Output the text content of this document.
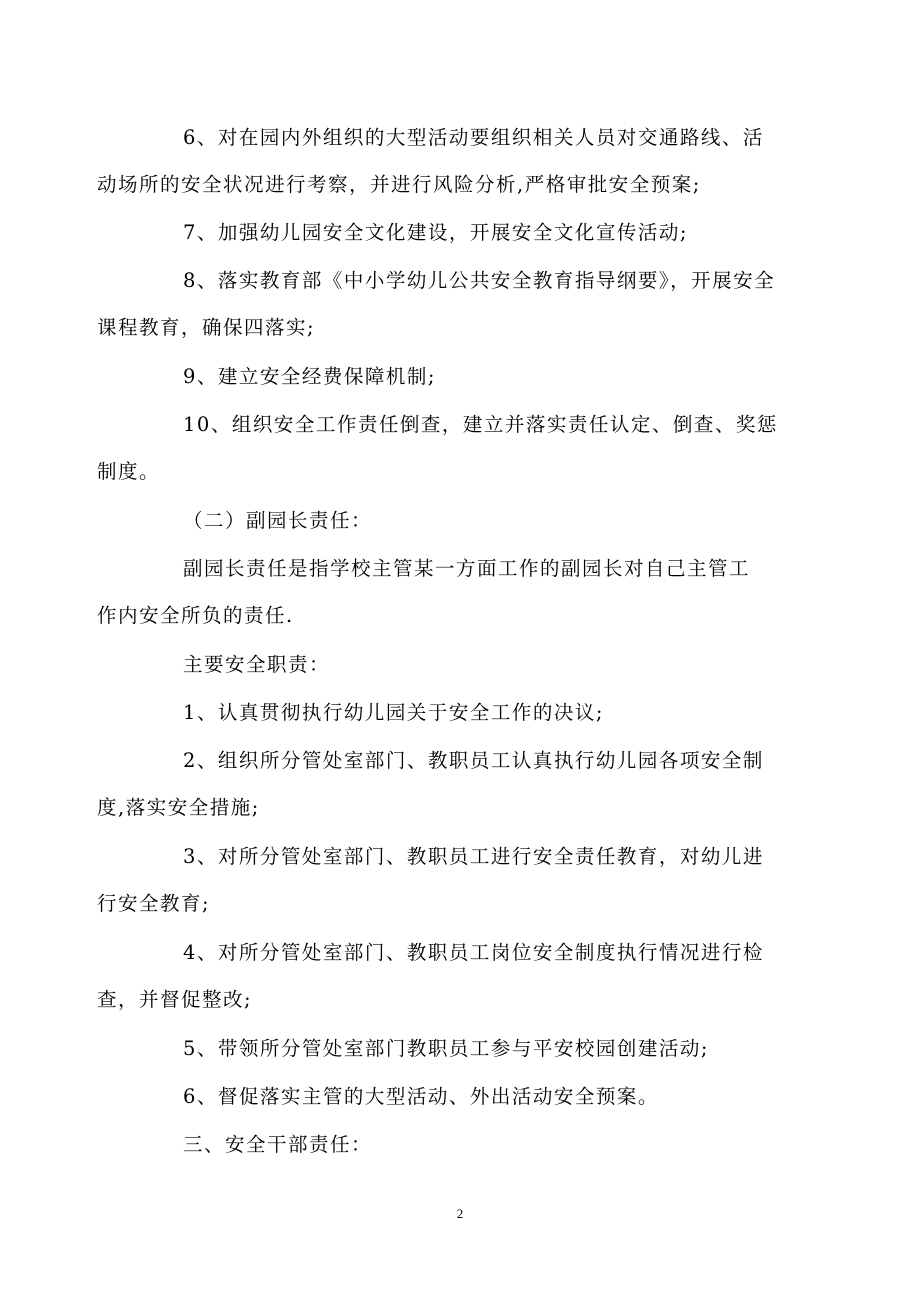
6、对在园内外组织的大型活动要组织相关人员对交通路线、活
动场所的安全状况进行考察，并进行风险分析,严格审批安全预案;
7、加强幼儿园安全文化建设，开展安全文化宣传活动;
8、落实教育部《中小学幼儿公共安全教育指导纲要》，开展安全
课程教育，确保四落实;
9、建立安全经费保障机制;
10、组织安全工作责任倒查，建立并落实责任认定、倒查、奖惩
制度。
（二）副园长责任：
副园长责任是指学校主管某一方面工作的副园长对自己主管工
作内安全所负的责任.
主要安全职责：
1、认真贯彻执行幼儿园关于安全工作的决议;
2、组织所分管处室部门、教职员工认真执行幼儿园各项安全制
度,落实安全措施;
3、对所分管处室部门、教职员工进行安全责任教育，对幼儿进
行安全教育;
4、对所分管处室部门、教职员工岗位安全制度执行情况进行检
查，并督促整改;
5、带领所分管处室部门教职员工参与平安校园创建活动;
6、督促落实主管的大型活动、外出活动安全预案。
三、安全干部责任：
2
